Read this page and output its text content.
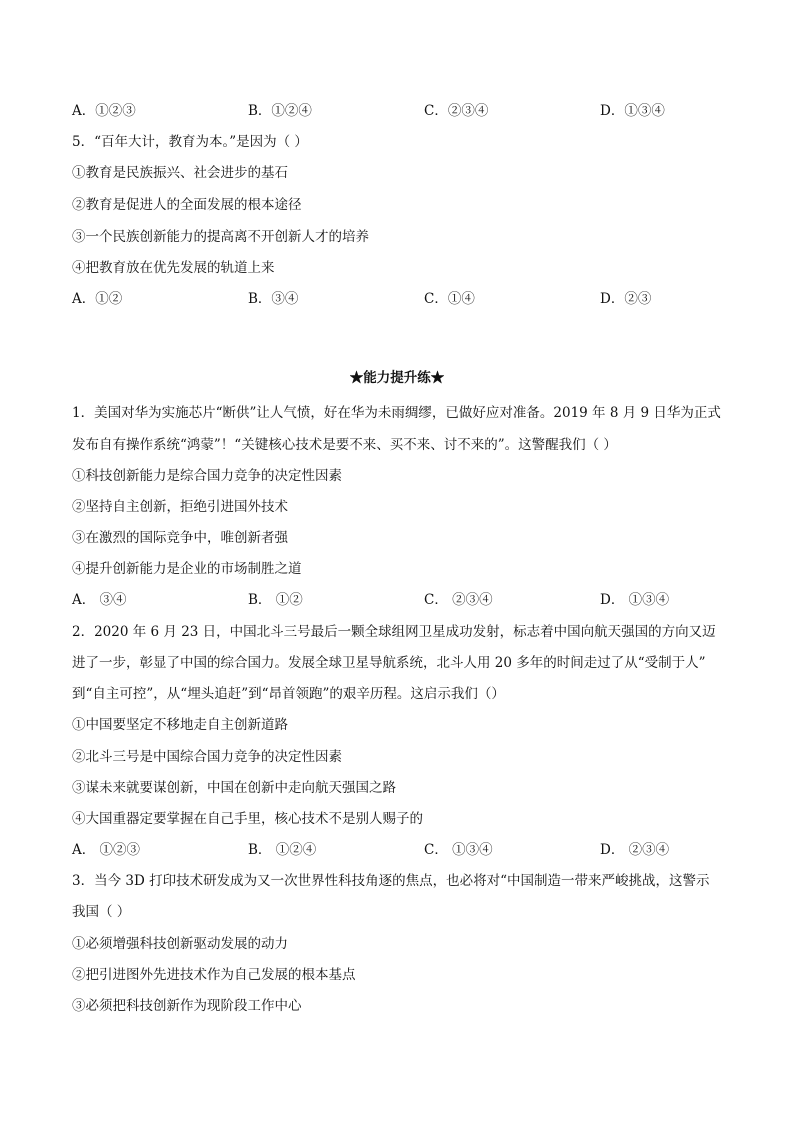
A．①②③	B．①②④	C．②③④	D．①③④
5．“百年大计，教育为本。”是因为（ ）
①教育是民族振兴、社会进步的基石
②教育是促进人的全面发展的根本途径
③一个民族创新能力的提高离不开创新人才的培养
④把教育放在优先发展的轨道上来
A．①②	B．③④	C．①④	D．②③
★能力提升练★
1．美国对华为实施芯片“断供”让人气愤，好在华为未雨绸缪，已做好应对准备。2019 年 8 月 9 日华为正式
发布自有操作系统“鸿蒙”！“关键核心技术是要不来、买不来、讨不来的”。这警醒我们（ ）
①科技创新能力是综合国力竞争的决定性因素
②坚持自主创新，拒绝引进国外技术
③在激烈的国际竞争中，唯创新者强
④提升创新能力是企业的市场制胜之道
A． ③④	B． ①②	C． ②③④	D． ①③④
2．2020 年 6 月 23 日，中国北斗三号最后一颗全球组网卫星成功发射，标志着中国向航天强国的方向又迈
进了一步，彰显了中国的综合国力。发展全球卫星导航系统，北斗人用 20 多年的时间走过了从“受制于人”
到“自主可控”，从“埋头追赶”到“昂首领跑”的艰辛历程。这启示我们（）
①中国要坚定不移地走自主创新道路
②北斗三号是中国综合国力竞争的决定性因素
③谋未来就要谋创新，中国在创新中走向航天强国之路
④大国重器定要掌握在自己手里，核心技术不是别人赐子的
A． ①②③	B． ①②④	C． ①③④	D． ②③④
3．当今 3D 打印技术研发成为又一次世界性科技角逐的焦点，也必将对“中国制造一带来严峻挑战，这警示
我国（ ）
①必须增强科技创新驱动发展的动力
②把引进图外先进技术作为自己发展的根本基点
③必须把科技创新作为现阶段工作中心
